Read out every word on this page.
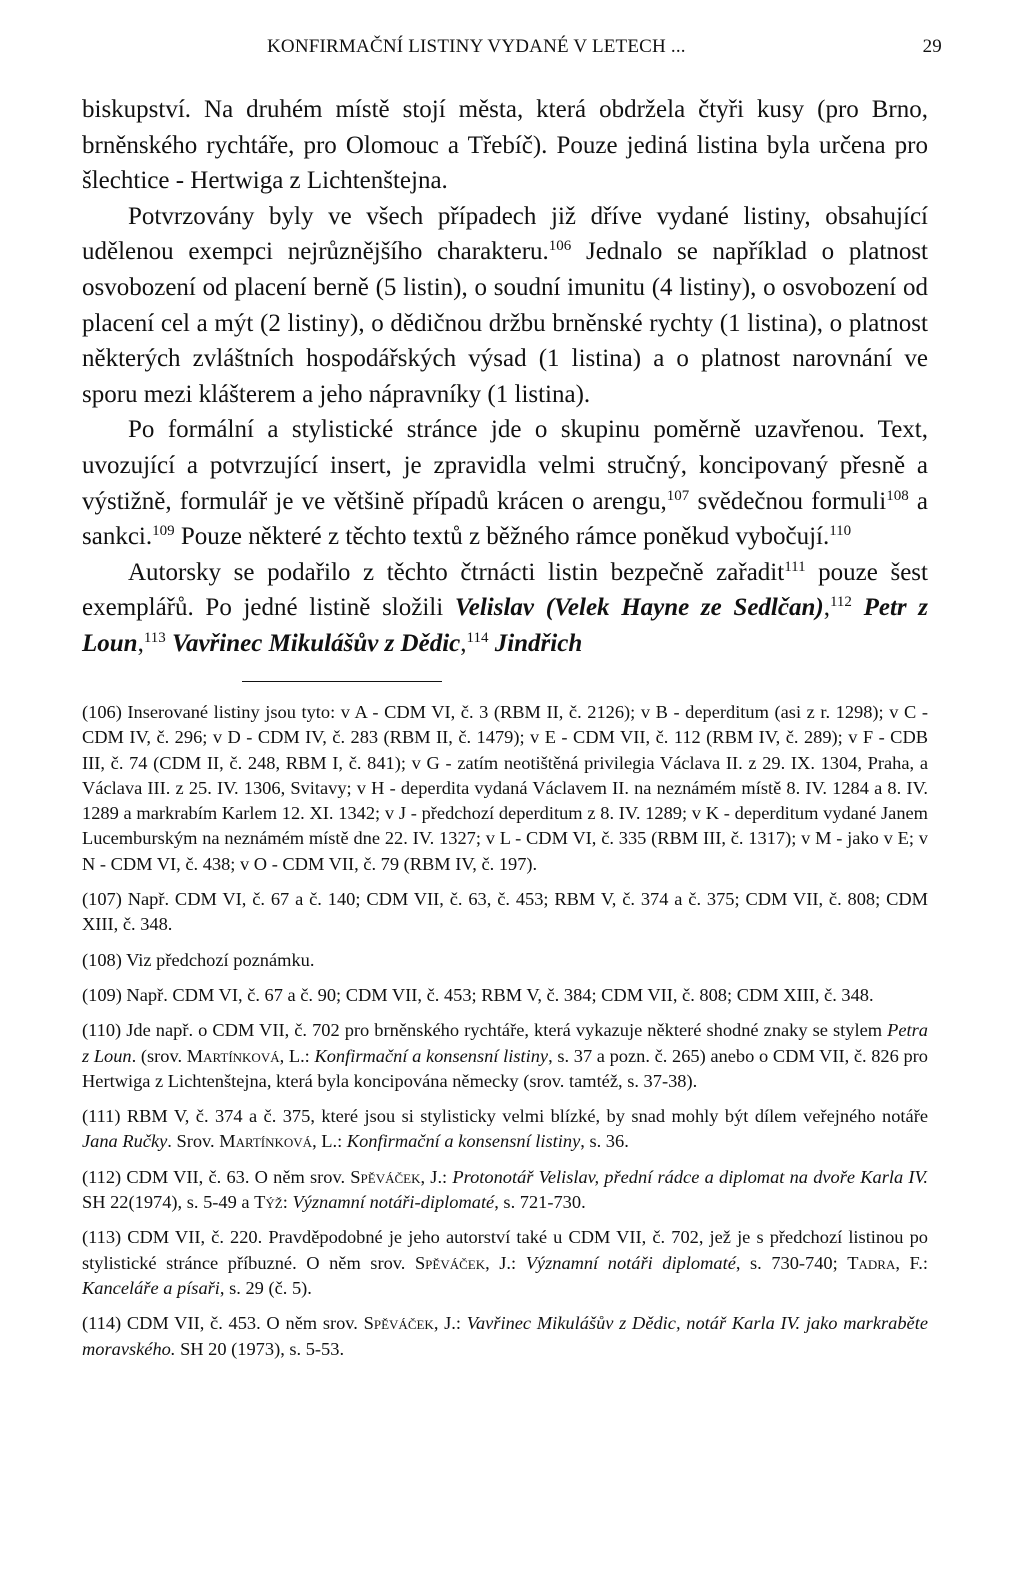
KONFIRMAČNÍ LISTINY VYDANÉ V LETECH ...	29

biskupství. Na druhém místě stojí města, která obdržela čtyři kusy (pro Brno, brněnského rychtáře, pro Olomouc a Třebíč). Pouze jediná listina byla určena pro šlechtice - Hertwiga z Lichtenštejna.

Potvrzovány byly ve všech případech již dříve vydané listiny, obsahující udělenou exempci nejrůznějšího charakteru.$^{106}$ Jednalo se například o platnost osvobození od placení berně (5 listin), o soudní imunitu (4 listiny), o osvobození od placení cel a mýt (2 listiny), o dědičnou držbu brněnské rychty (1 listina), o platnost některých zvláštních hospodářských výsad (1 listina) a o platnost narovnání ve sporu mezi klášterem a jeho nápravníky (1 listina).

Po formální a stylistické stránce jde o skupinu poměrně uzavřenou. Text, uvozující a potvrzující insert, je zpravidla velmi stručný, koncipovaný přesně a výstižně, formulář je ve většině případů krácen o arengu,$^{107}$ svědečnou formuli$^{108}$ a sankci.$^{109}$ Pouze některé z těchto textů z běžného rámce poněkud vybočují.$^{110}$

Autorsky se podařilo z těchto čtrnácti listin bezpečně zařadit$^{111}$ pouze šest exemplářů. Po jedné listině složili Velislav (Velek Hayne ze Sedlčan),$^{112}$ Petr z Loun,$^{113}$ Vavřinec Mikulášův z Dědic,$^{114}$ Jindřich

(106) Inserované listiny jsou tyto: v A - CDM VI, č. 3 (RBM II, č. 2126); v B - deperditum (asi z r. 1298); v C - CDM IV, č. 296; v D - CDM IV, č. 283 (RBM II, č. 1479); v E - CDM VII, č. 112 (RBM IV, č. 289); v F - CDB III, č. 74 (CDM II, č. 248, RBM I, č. 841); v G - zatím neotištěná privilegia Václava II. z 29. IX. 1304, Praha, a Václava III. z 25. IV. 1306, Svitavy; v H - deperdita vydaná Václavem II. na neznámém místě 8. IV. 1284 a 8. IV. 1289 a markrabím Karlem 12. XI. 1342; v J - předchozí deperditum z 8. IV. 1289; v K - deperditum vydané Janem Lucemburským na neznámém místě dne 22. IV. 1327; v L - CDM VI, č. 335 (RBM III, č. 1317); v M - jako v E; v N - CDM VI, č. 438; v O - CDM VII, č. 79 (RBM IV, č. 197).

(107) Např. CDM VI, č. 67 a č. 140; CDM VII, č. 63, č. 453; RBM V, č. 374 a č. 375; CDM VII, č. 808; CDM XIII, č. 348.

(108) Viz předchozí poznámku.

(109) Např. CDM VI, č. 67 a č. 90; CDM VII, č. 453; RBM V, č. 384; CDM VII, č. 808; CDM XIII, č. 348.

(110) Jde např. o CDM VII, č. 702 pro brněnského rychtáře, která vykazuje některé shodné znaky se stylem Petra z Loun. (srov. Martínková, L.: Konfirmační a konsensní listiny, s. 37 a pozn. č. 265) anebo o CDM VII, č. 826 pro Hertwiga z Lichtenštejna, která byla koncipována německy (srov. tamtéž, s. 37-38).

(111) RBM V, č. 374 a č. 375, které jsou si stylisticky velmi blízké, by snad mohly být dílem veřejného notáře Jana Ručky. Srov. Martínková, L.: Konfirmační a konsensní listiny, s. 36.

(112) CDM VII, č. 63. O něm srov. Spěváček, J.: Protonotář Velislav, přední rádce a diplomat na dvoře Karla IV. SH 22(1974), s. 5-49 a Týž: Významní notáři-diplomaté, s. 721-730.

(113) CDM VII, č. 220. Pravděpodobné je jeho autorství také u CDM VII, č. 702, jež je s předchozí listinou po stylistické stránce příbuzné. O něm srov. Spěváček, J.: Významní notáři diplomaté, s. 730-740; Tadra, F.: Kanceláře a písaři, s. 29 (č. 5).

(114) CDM VII, č. 453. O něm srov. Spěváček, J.: Vavřinec Mikulášův z Dědic, notář Karla IV. jako markraběte moravského. SH 20 (1973), s. 5-53.
